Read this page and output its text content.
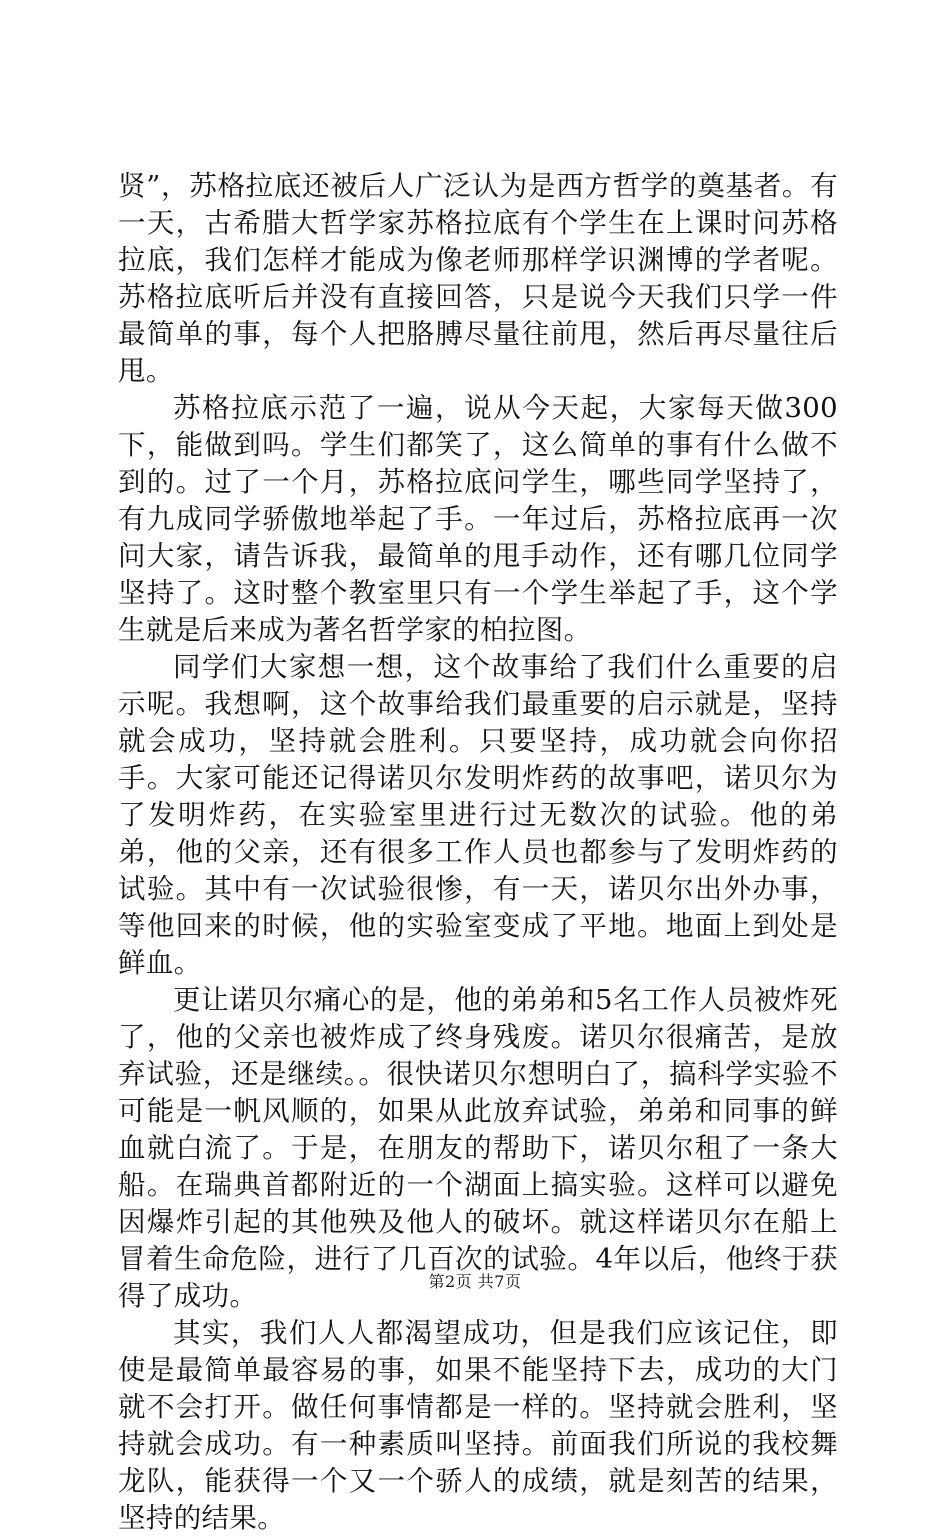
贤”，苏格拉底还被后人广泛认为是西方哲学的奠基者。有一天，古希腊大哲学家苏格拉底有个学生在上课时问苏格拉底，我们怎样才能成为像老师那样学识渊博的学者呢。苏格拉底听后并没有直接回答，只是说今天我们只学一件最简单的事，每个人把胳膊尽量往前甩，然后再尽量往后甩。

苏格拉底示范了一遍，说从今天起，大家每天做300下，能做到吗。学生们都笑了，这么简单的事有什么做不到的。过了一个月，苏格拉底问学生，哪些同学坚持了，有九成同学骄傲地举起了手。一年过后，苏格拉底再一次问大家，请告诉我，最简单的甩手动作，还有哪几位同学坚持了。这时整个教室里只有一个学生举起了手，这个学生就是后来成为著名哲学家的柏拉图。

同学们大家想一想，这个故事给了我们什么重要的启示呢。我想啊，这个故事给我们最重要的启示就是，坚持就会成功，坚持就会胜利。只要坚持，成功就会向你招手。大家可能还记得诺贝尔发明炸药的故事吧，诺贝尔为了发明炸药，在实验室里进行过无数次的试验。他的弟弟，他的父亲，还有很多工作人员也都参与了发明炸药的试验。其中有一次试验很惨，有一天，诺贝尔出外办事，等他回来的时候，他的实验室变成了平地。地面上到处是鲜血。

更让诺贝尔痛心的是，他的弟弟和5名工作人员被炸死了，他的父亲也被炸成了终身残废。诺贝尔很痛苦，是放弃试验，还是继续。。很快诺贝尔想明白了，搞科学实验不可能是一帆风顺的，如果从此放弃试验，弟弟和同事的鲜血就白流了。于是，在朋友的帮助下，诺贝尔租了一条大船。在瑞典首都附近的一个湖面上搞实验。这样可以避免因爆炸引起的其他殃及他人的破坏。就这样诺贝尔在船上冒着生命危险，进行了几百次的试验。4年以后，他终于获得了成功。

其实，我们人人都渴望成功，但是我们应该记住，即使是最简单最容易的事，如果不能坚持下去，成功的大门就不会打开。做任何事情都是一样的。坚持就会胜利，坚持就会成功。有一种素质叫坚持。前面我们所说的我校舞龙队，能获得一个又一个骄人的成绩，就是刻苦的结果，坚持的结果。

第2页 共7页
